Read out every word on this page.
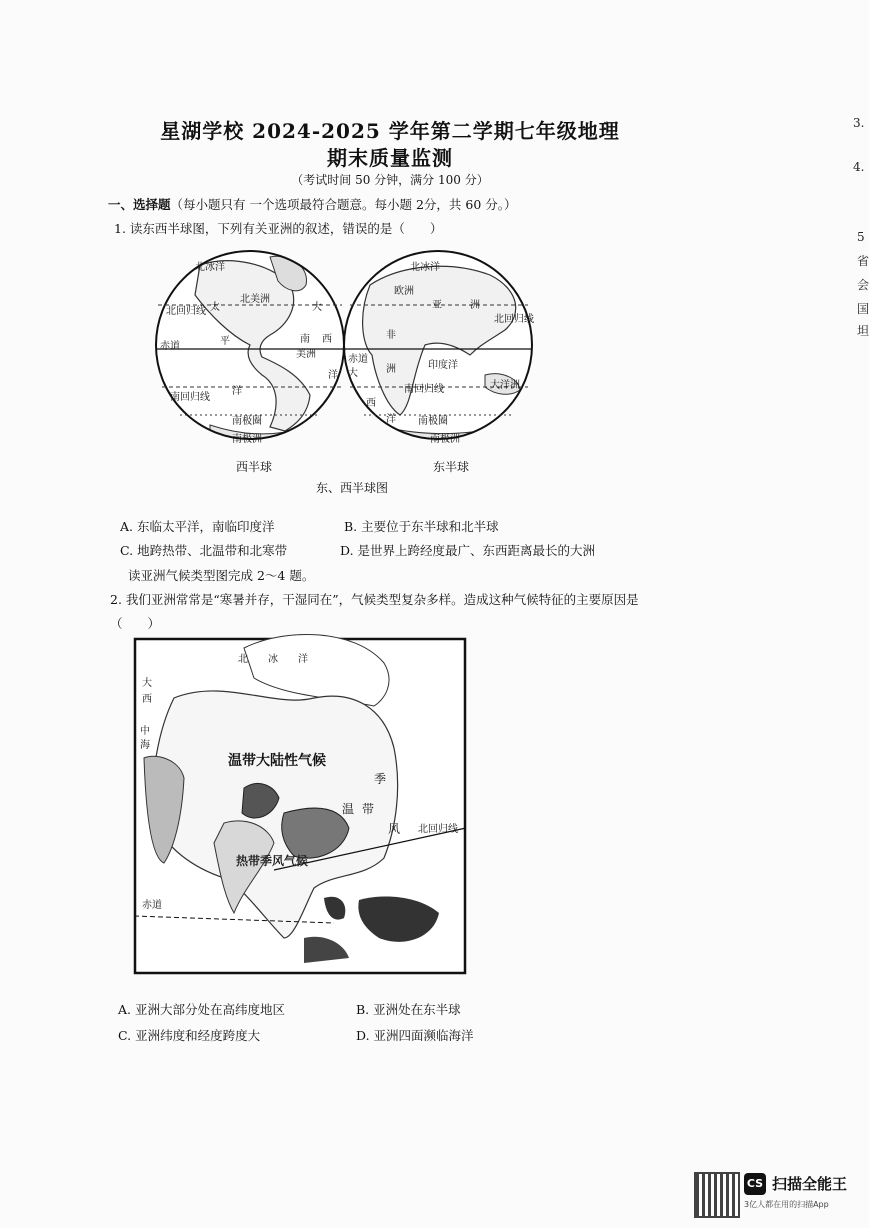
星湖学校 2024-2025 学年第二学期七年级地理
期末质量监测
（考试时间 50 分钟，满分 100 分）
一、选择题（每小题只有 一个选项最符合题意。每小题 2分，共 60 分。）
1. 读东西半球图，下列有关亚洲的叙述，错误的是（　　）
北冰洋
北美洲
北回归线 太
赤道	平	南
美洲
西
南回归线
洋
南极圈
南极洲
大
洋
北冰洋
欧洲
亚	洲
北回归线
非
洲
赤道
大
印度洋
南回归线	大洋洲
西
洋 南极圈
南极洲
西半球	东半球
东、西半球图
A. 东临太平洋，南临印度洋	B. 主要位于东半球和北半球
C. 地跨热带、北温带和北寒带	D. 是世界上跨经度最广、东西距离最长的大洲
读亚洲气候类型图完成 2～4 题。
2. 我们亚洲常常是“寒暑并存，干湿同在”，气候类型复杂多样。造成这种气候特征的主要原因是
（　　）
温带大陆性气候
热带季风气候
北 冰 洋
季
风
温 带
北回归线
赤道
大
西
中
海
A. 亚洲大部分处在高纬度地区	B. 亚洲处在东半球
C. 亚洲纬度和经度跨度大	D. 亚洲四面濒临海洋
3.
4.
5
省
会
国
坦
CS 扫描全能王
3亿人都在用的扫描App
